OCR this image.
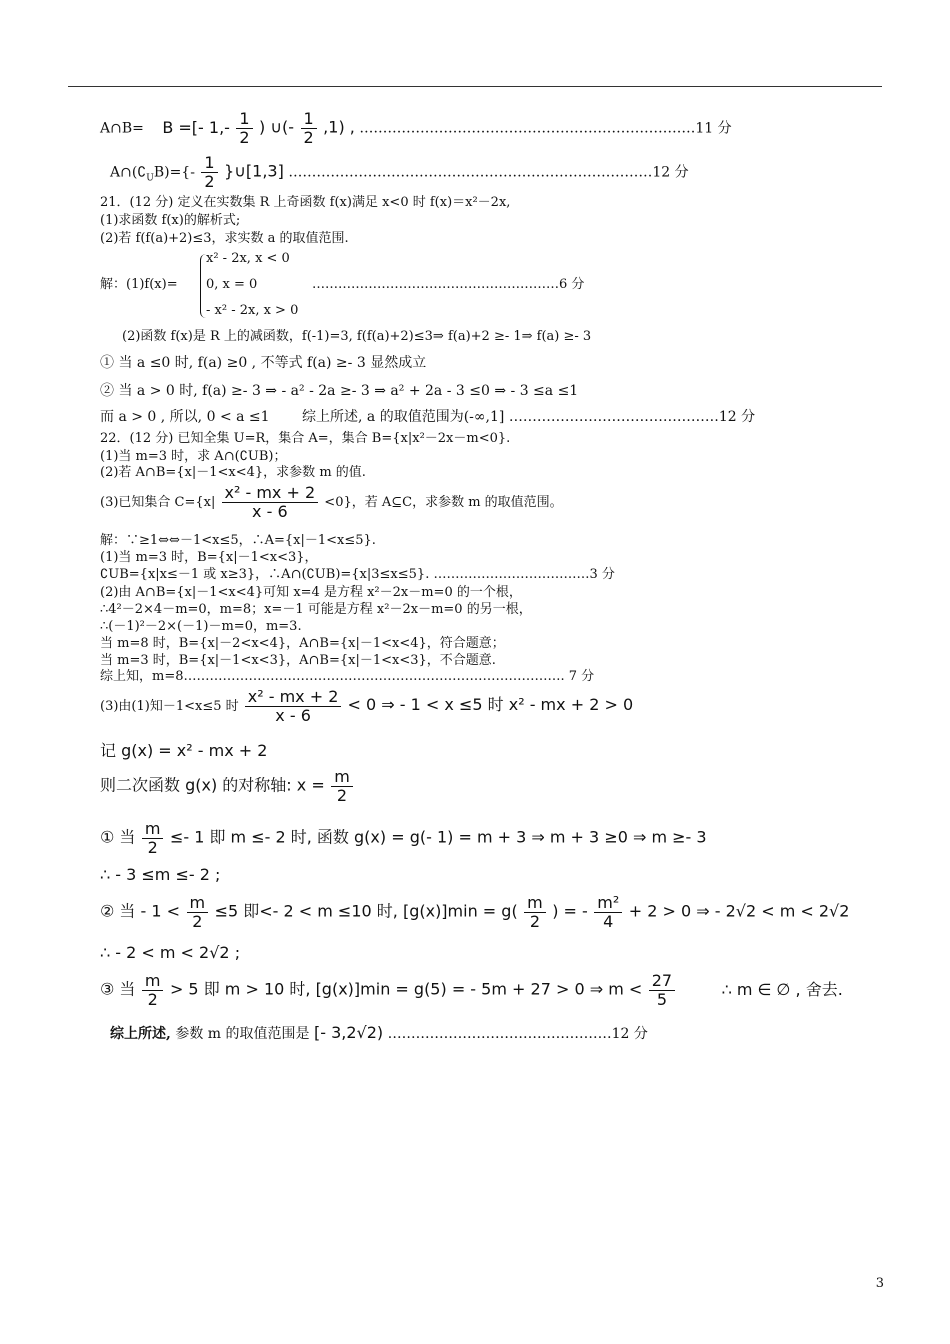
A∩B= B =[- $1,- \frac{1}{2}$ ) ∪(- $\frac{1}{2} ,1$) , ………………………………………………………………11 分
$A\cap(∁_UB)=\{- \frac{1}{2}$ }∪[1,3] ……………………………………………………………………12 分
21．(12 分) 定义在实数集 R 上奇函数 f(x)满足 x<0 时 f(x)＝x²－2x,
(1)求函数 f(x)的解析式;
(2)若 f(f(a)+2)≤3，求实数 a 的取值范围.
解：(1)f(x)=
x² - 2x, x < 0
0, x = 0
- x² - 2x, x > 0
…………………………………………………6 分
(2)函数 f(x)是 R 上的减函数，f(-1)=3, f(f(a)+2)≤3⇒ f(a)+2 ≥- 1⇒ f(a) ≥- 3
① 当 a ≤0 时, f(a) ≥0 , 不等式 f(a) ≥- 3 显然成立
② 当 a > 0 时, f(a) ≥- 3 ⇒ - a² - 2a ≥- 3 ⇒ a² + 2a - 3 ≤0 ⇒ - 3 ≤a ≤1
而 a > 0 , 所以, 0 < a ≤1 　　综上所述, a 的取值范围为(-∞,1] ………………………………………12 分
22．(12 分) 已知全集 U=R，集合 A=，集合 B={x|x²－2x－m<0}.
(1)当 m=3 时，求 A∩(∁UB)；
(2)若 A∩B={x|－1<x<4}，求参数 m 的值.
(3)已知集合 $C=\{x| \frac{\text{x² - mx + 2}}{x - 6} <0\}$，若 A⊆C，求参数 m 的取值范围。
解：∵≥1⇔⇔－1<x≤5，∴A={x|－1<x≤5}.
(1)当 m=3 时，B={x|－1<x<3}，
∁UB={x|x≤－1 或 x≥3}，∴A∩(∁UB)={x|3≤x≤5}. ………………………………3 分
(2)由 A∩B={x|－1<x<4}可知 x=4 是方程 x²－2x－m=0 的一个根，
∴4²－2×4－m=0，m=8；x=－1 可能是方程 x²－2x－m=0 的另一根，
∴(－1)²－2×(－1)－m=0，m=3.
当 m=8 时，B={x|－2<x<4}，A∩B={x|－1<x<4}，符合题意；
当 m=3 时，B={x|－1<x<3}，A∩B={x|－1<x<3}，不合题意.
综上知，m=8……………………………………………………………………………. 7 分
(3)由(1)知－1<x≤5 时 $\frac{\text{x² - mx + 2}}{x - 6} < 0$ ⇒ - 1 < x ≤5 时 x² - mx + 2 > 0
记 g(x) = x² - mx + 2
则二次函数 g(x) 的对称轴: $x = \frac{m}{2}$
① 当 $\frac{m}{2} \le- 1$ 即 m ≤- 2 时, 函数 g(x) = g(- 1) = m + 3 ⇒ m + 3 ≥0 ⇒ m ≥- 3
∴ - 3 ≤m ≤- 2 ;
② 当 - $1 < \frac{m}{2} \le 5$ 即<- 2 < m ≤10 时, $[g(x)]\min = g( \frac{m}{2}$ ) = - $\frac{\text{m²}}{4} + 2 > 0$ ⇒ - 2√2 < m < 2√2
∴ - 2 < m < 2√2 ;
③ 当 $\frac{m}{2} > 5$ 即 m > 10 时, [g(x)]min = g(5) = - 5m + 27 > 0 ⇒ $m < \frac{27}{5}$	∴ m ∈ ∅ , 舍去.
综上所述, 参数 m 的取值范围是 [- 3,2√2) …………………………………………12 分
3
